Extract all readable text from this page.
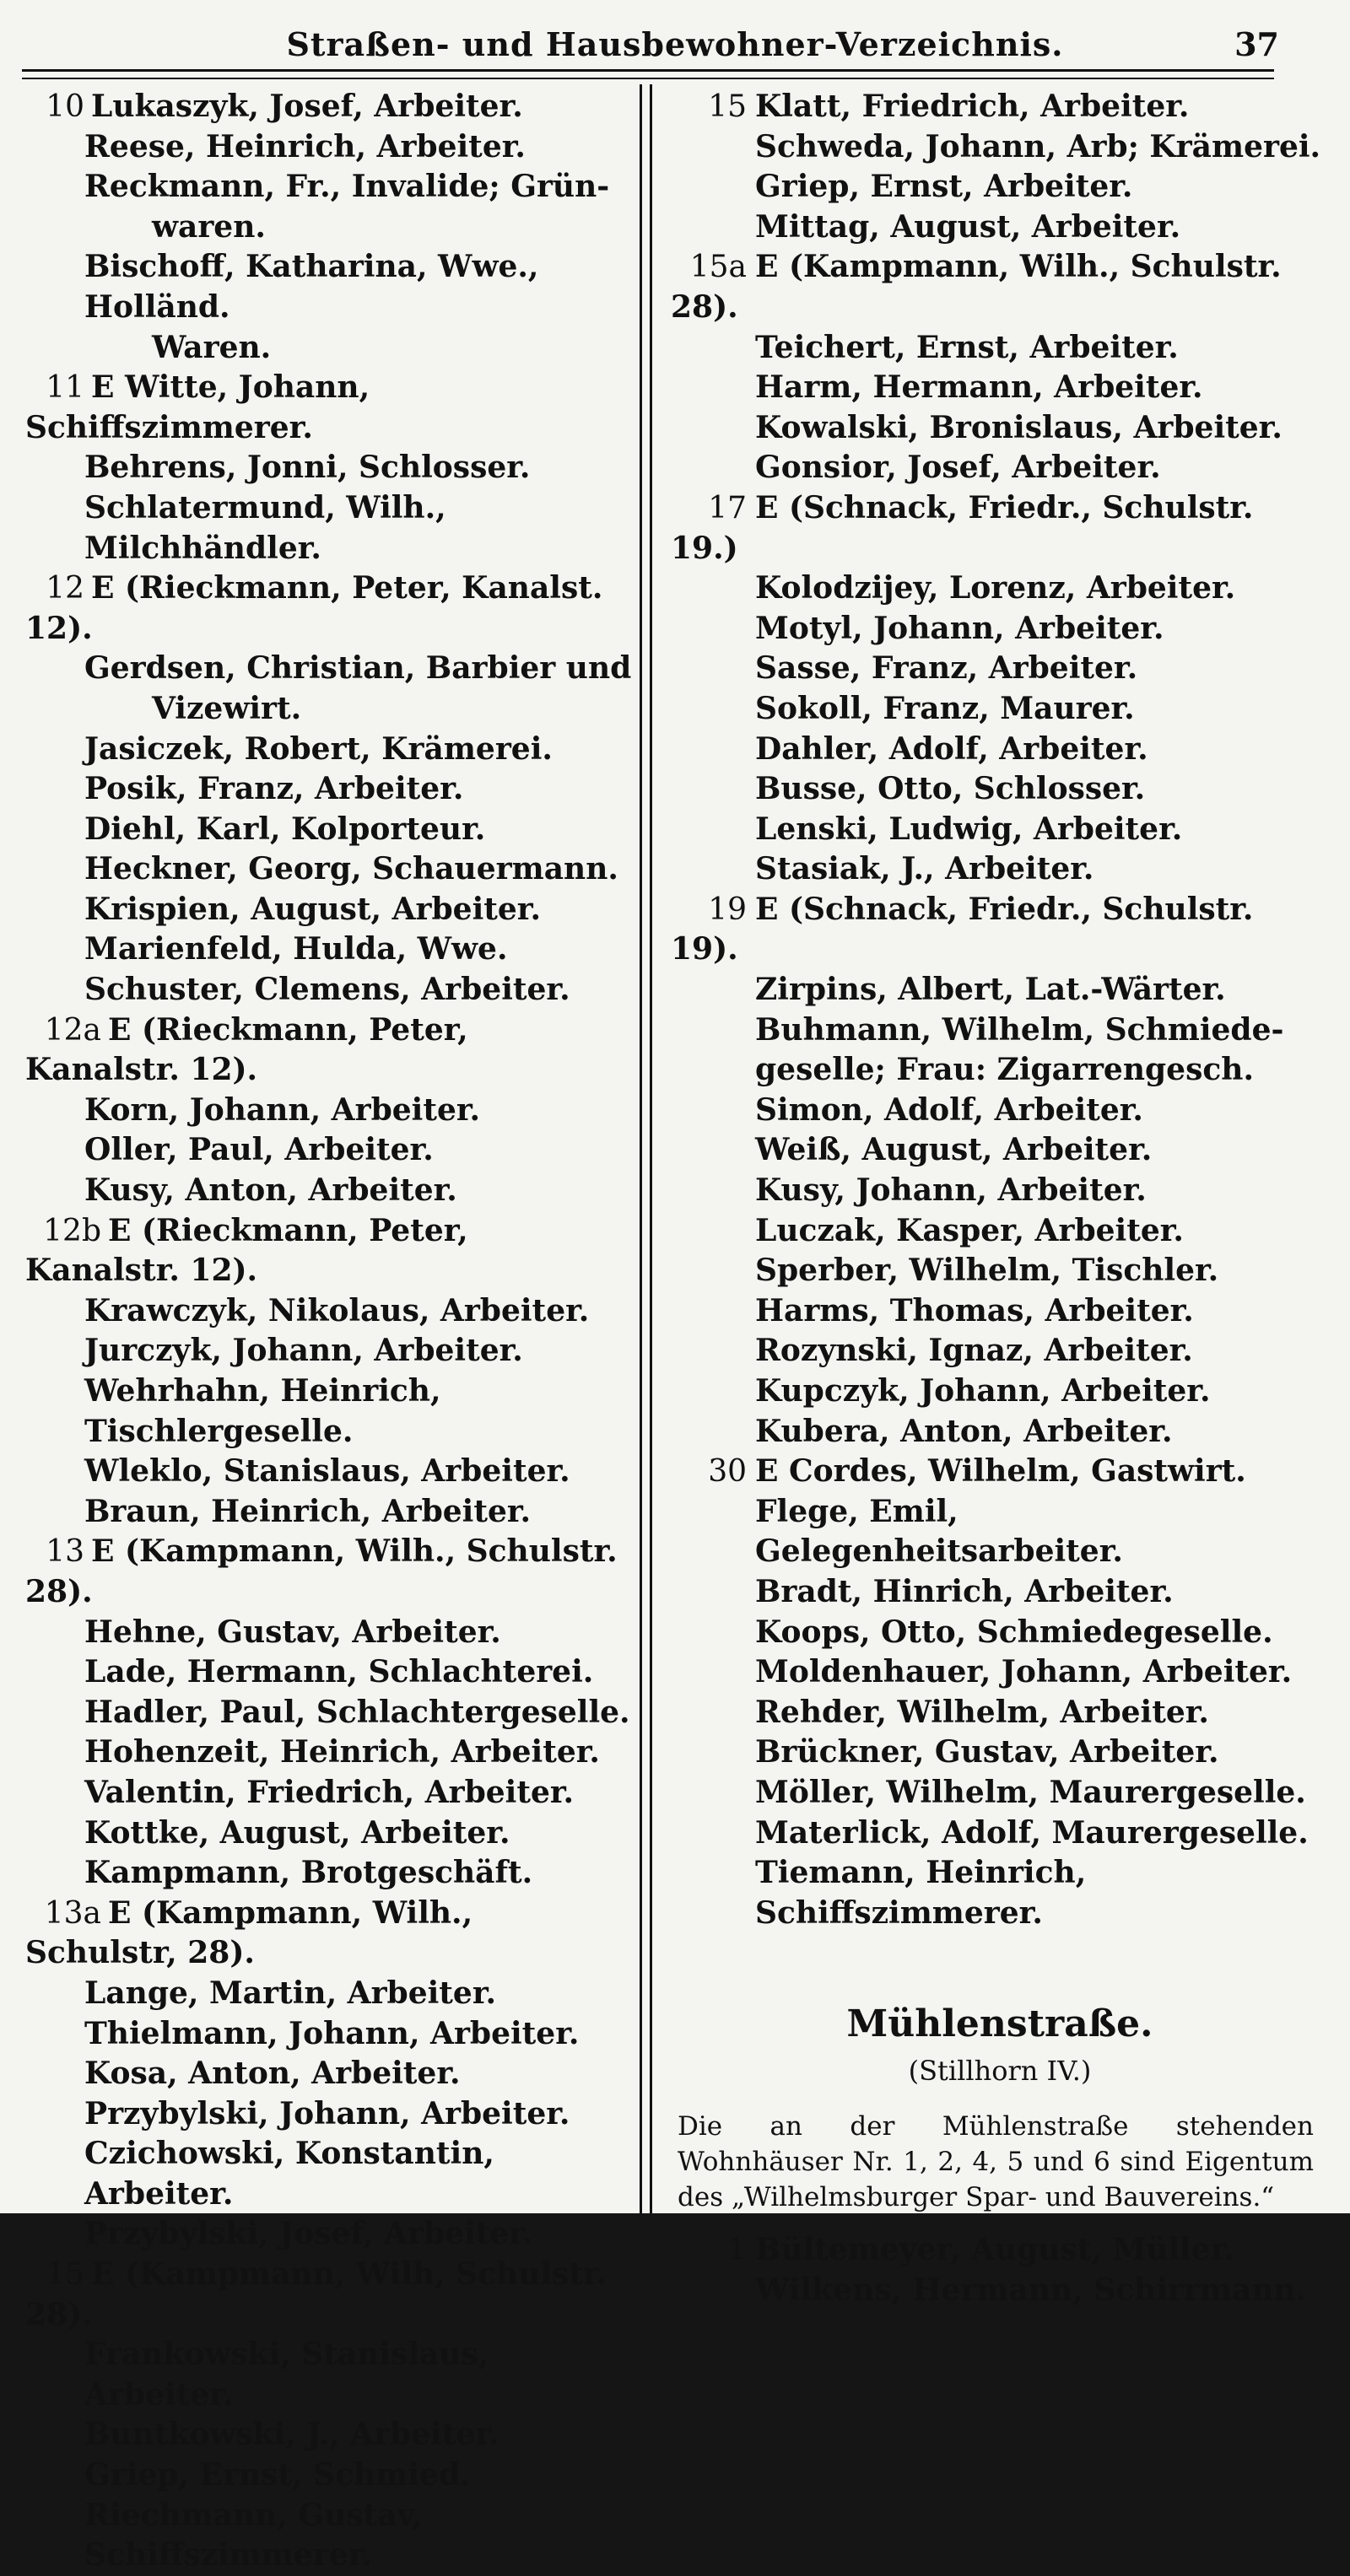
Straßen- und Hausbewohner-Verzeichnis.	37
10 Lukaszyk, Josef, Arbeiter.
Reese, Heinrich, Arbeiter.
Reckmann, Fr., Invalide; Grün-
waren.
Bischoff, Katharina, Wwe., Holländ.
Waren.
11 E Witte, Johann, Schiffszimmerer.
Behrens, Jonni, Schlosser.
Schlatermund, Wilh., Milchhändler.
12 E (Rieckmann, Peter, Kanalst. 12).
Gerdsen, Christian, Barbier und
Vizewirt.
Jasiczek, Robert, Krämerei.
Posik, Franz, Arbeiter.
Diehl, Karl, Kolporteur.
Heckner, Georg, Schauermann.
Krispien, August, Arbeiter.
Marienfeld, Hulda, Wwe.
Schuster, Clemens, Arbeiter.
12a E (Rieckmann, Peter, Kanalstr. 12).
Korn, Johann, Arbeiter.
Oller, Paul, Arbeiter.
Kusy, Anton, Arbeiter.
12b E (Rieckmann, Peter, Kanalstr. 12).
Krawczyk, Nikolaus, Arbeiter.
Jurczyk, Johann, Arbeiter.
Wehrhahn, Heinrich, Tischlergeselle.
Wleklo, Stanislaus, Arbeiter.
Braun, Heinrich, Arbeiter.
13 E (Kampmann, Wilh., Schulstr. 28).
Hehne, Gustav, Arbeiter.
Lade, Hermann, Schlachterei.
Hadler, Paul, Schlachtergeselle.
Hohenzeit, Heinrich, Arbeiter.
Valentin, Friedrich, Arbeiter.
Kottke, August, Arbeiter.
Kampmann, Brotgeschäft.
13a E (Kampmann, Wilh., Schulstr, 28).
Lange, Martin, Arbeiter.
Thielmann, Johann, Arbeiter.
Kosa, Anton, Arbeiter.
Przybylski, Johann, Arbeiter.
Czichowski, Konstantin, Arbeiter.
Przybylski, Josef, Arbeiter.
15 E (Kampmann, Wilh, Schulstr. 28).
Frankowski, Stanislaus, Arbeiter.
Buntkowski, J., Arbeiter.
Griep, Ernst, Schmied.
Riechmann, Gustav, Schiffszimmerer.
15 Klatt, Friedrich, Arbeiter.
Schweda, Johann, Arb; Krämerei.
Griep, Ernst, Arbeiter.
Mittag, August, Arbeiter.
15a E (Kampmann, Wilh., Schulstr. 28).
Teichert, Ernst, Arbeiter.
Harm, Hermann, Arbeiter.
Kowalski, Bronislaus, Arbeiter.
Gonsior, Josef, Arbeiter.
17 E (Schnack, Friedr., Schulstr. 19.)
Kolodzijey, Lorenz, Arbeiter.
Motyl, Johann, Arbeiter.
Sasse, Franz, Arbeiter.
Sokoll, Franz, Maurer.
Dahler, Adolf, Arbeiter.
Busse, Otto, Schlosser.
Lenski, Ludwig, Arbeiter.
Stasiak, J., Arbeiter.
19 E (Schnack, Friedr., Schulstr. 19).
Zirpins, Albert, Lat.-Wärter.
Buhmann, Wilhelm, Schmiede-
geselle; Frau: Zigarrengesch.
Simon, Adolf, Arbeiter.
Weiß, August, Arbeiter.
Kusy, Johann, Arbeiter.
Luczak, Kasper, Arbeiter.
Sperber, Wilhelm, Tischler.
Harms, Thomas, Arbeiter.
Rozynski, Ignaz, Arbeiter.
Kupczyk, Johann, Arbeiter.
Kubera, Anton, Arbeiter.
30 E Cordes, Wilhelm, Gastwirt.
Flege, Emil, Gelegenheitsarbeiter.
Bradt, Hinrich, Arbeiter.
Koops, Otto, Schmiedegeselle.
Moldenhauer, Johann, Arbeiter.
Rehder, Wilhelm, Arbeiter.
Brückner, Gustav, Arbeiter.
Möller, Wilhelm, Maurergeselle.
Materlick, Adolf, Maurergeselle.
Tiemann, Heinrich, Schiffszimmerer.
Mühlenstraße.
(Stillhorn IV.)
Die an der Mühlenstraße stehenden Wohnhäuser Nr. 1, 2, 4, 5 und 6 sind Eigentum des „Wilhelmsburger Spar- und Bauvereins.“
1 Bültemeyer, August, Müller.
Wilkens, Hermann, Schirrmann.
